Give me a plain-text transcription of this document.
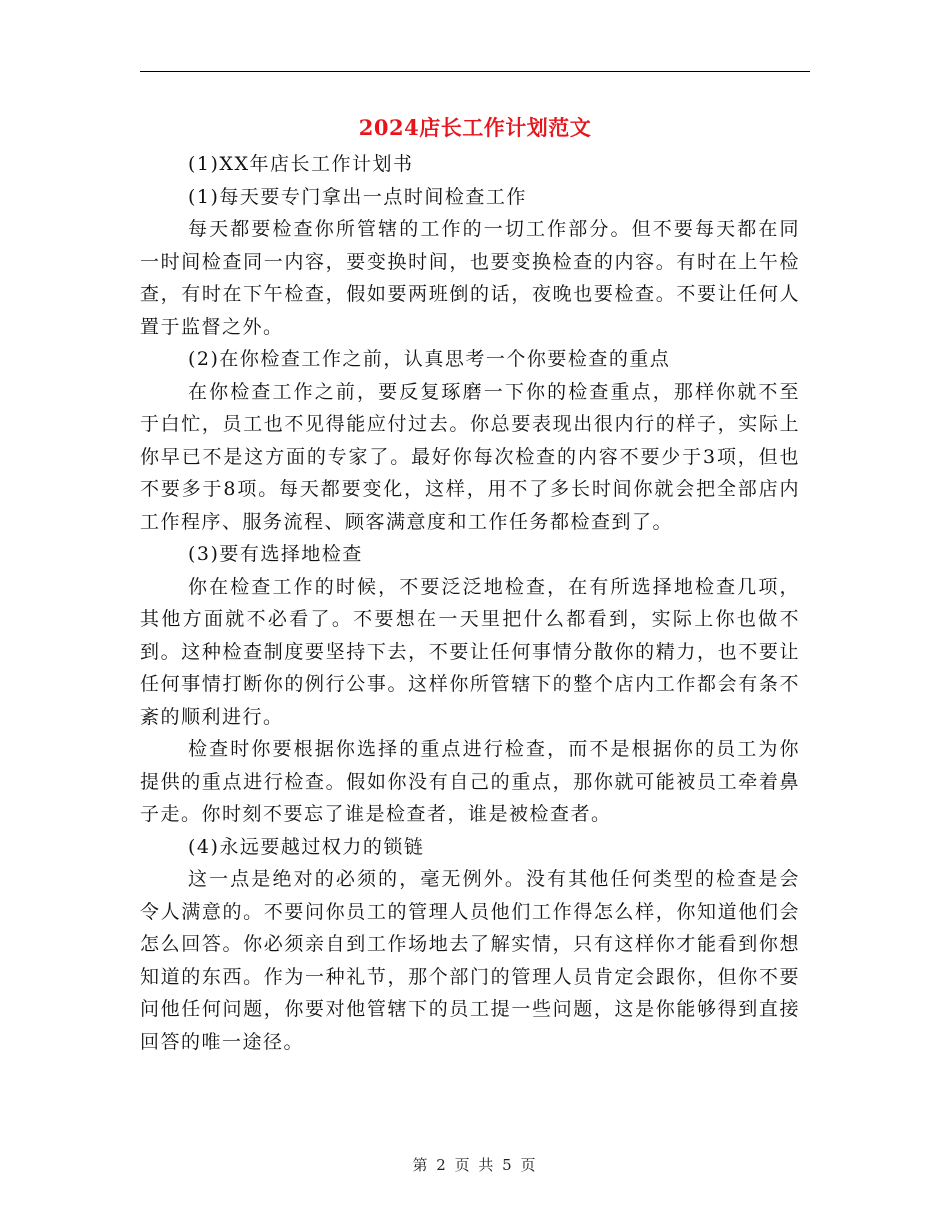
2024店长工作计划范文

(1)XX年店长工作计划书

(1)每天要专门拿出一点时间检查工作

每天都要检查你所管辖的工作的一切工作部分。但不要每天都在同一时间检查同一内容，要变换时间，也要变换检查的内容。有时在上午检查，有时在下午检查，假如要两班倒的话，夜晚也要检查。不要让任何人置于监督之外。

(2)在你检查工作之前，认真思考一个你要检查的重点

在你检查工作之前，要反复琢磨一下你的检查重点，那样你就不至于白忙，员工也不见得能应付过去。你总要表现出很内行的样子，实际上你早已不是这方面的专家了。最好你每次检查的内容不要少于3项，但也不要多于8项。每天都要变化，这样，用不了多长时间你就会把全部店内工作程序、服务流程、顾客满意度和工作任务都检查到了。

(3)要有选择地检查

你在检查工作的时候，不要泛泛地检查，在有所选择地检查几项，其他方面就不必看了。不要想在一天里把什么都看到，实际上你也做不到。这种检查制度要坚持下去，不要让任何事情分散你的精力，也不要让任何事情打断你的例行公事。这样你所管辖下的整个店内工作都会有条不紊的顺利进行。

检查时你要根据你选择的重点进行检查，而不是根据你的员工为你提供的重点进行检查。假如你没有自己的重点，那你就可能被员工牵着鼻子走。你时刻不要忘了谁是检查者，谁是被检查者。

(4)永远要越过权力的锁链

这一点是绝对的必须的，毫无例外。没有其他任何类型的检查是会令人满意的。不要问你员工的管理人员他们工作得怎么样，你知道他们会怎么回答。你必须亲自到工作场地去了解实情，只有这样你才能看到你想知道的东西。作为一种礼节，那个部门的管理人员肯定会跟你，但你不要问他任何问题，你要对他管辖下的员工提一些问题，这是你能够得到直接回答的唯一途径。

第 2 页 共 5 页
